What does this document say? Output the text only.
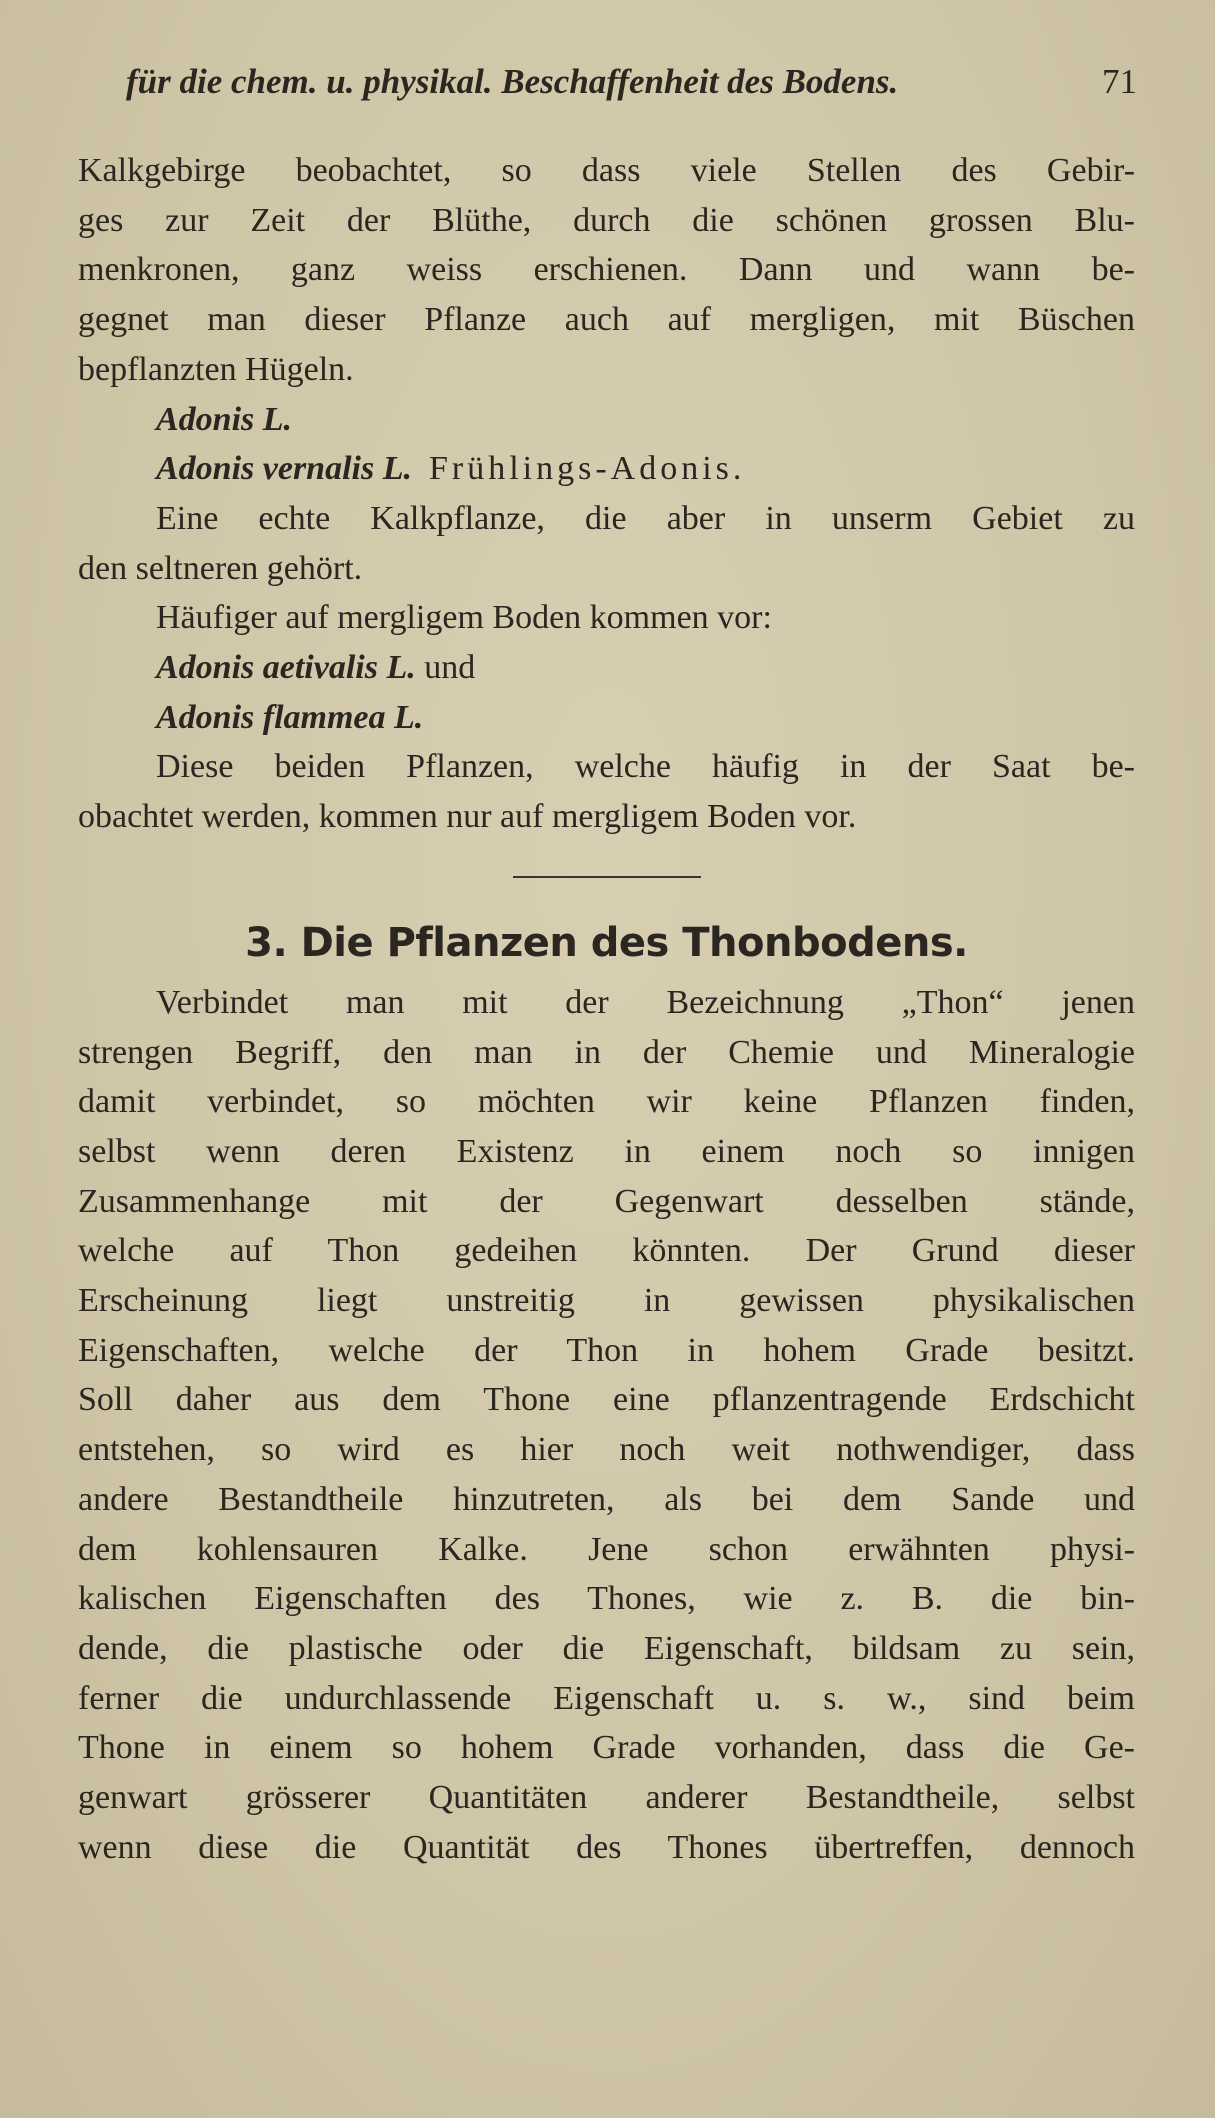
für die chem. u. physikal. Beschaffenheit des Bodens.	71
Kalkgebirge beobachtet, so dass viele Stellen des Gebir-
ges zur Zeit der Blüthe, durch die schönen grossen Blu-
menkronen, ganz weiss erschienen. Dann und wann be-
gegnet man dieser Pflanze auch auf mergligen, mit Büschen
bepflanzten Hügeln.
Adonis L.
Adonis vernalis L. Frühlings-Adonis.
Eine echte Kalkpflanze, die aber in unserm Gebiet zu
den seltneren gehört.
Häufiger auf mergligem Boden kommen vor:
Adonis aetivalis L. und
Adonis flammea L.
Diese beiden Pflanzen, welche häufig in der Saat be-
obachtet werden, kommen nur auf mergligem Boden vor.
3. Die Pflanzen des Thonbodens.
Verbindet man mit der Bezeichnung „Thon“ jenen
strengen Begriff, den man in der Chemie und Mineralogie
damit verbindet, so möchten wir keine Pflanzen finden,
selbst wenn deren Existenz in einem noch so innigen
Zusammenhange mit der Gegenwart desselben stände,
welche auf Thon gedeihen könnten. Der Grund dieser
Erscheinung liegt unstreitig in gewissen physikalischen
Eigenschaften, welche der Thon in hohem Grade besitzt.
Soll daher aus dem Thone eine pflanzentragende Erdschicht
entstehen, so wird es hier noch weit nothwendiger, dass
andere Bestandtheile hinzutreten, als bei dem Sande und
dem kohlensauren Kalke. Jene schon erwähnten physi-
kalischen Eigenschaften des Thones, wie z. B. die bin-
dende, die plastische oder die Eigenschaft, bildsam zu sein,
ferner die undurchlassende Eigenschaft u. s. w., sind beim
Thone in einem so hohem Grade vorhanden, dass die Ge-
genwart grösserer Quantitäten anderer Bestandtheile, selbst
wenn diese die Quantität des Thones übertreffen, dennoch
